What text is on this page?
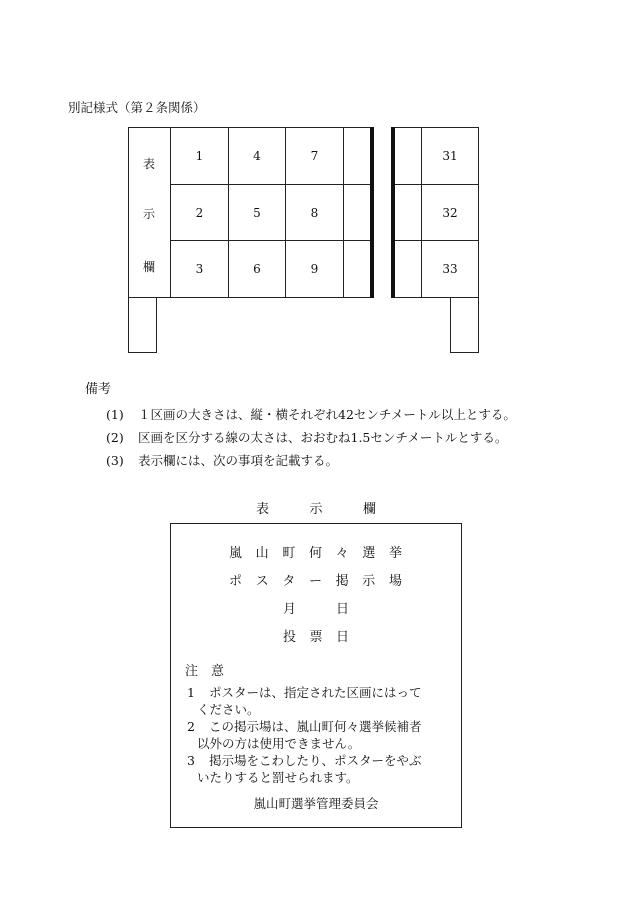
別記様式（第２条関係）
表
示
欄
1	4	7	31
2	5	8	32
3	6	9	33
備考
(1) １区画の大きさは、縦・横それぞれ42センチメートル以上とする。
(2) 区画を区分する線の太さは、おおむね1.5センチメートルとする。
(3) 表示欄には、次の事項を記載する。
表	示	欄
嵐 山 町 何 々 選 挙
ポ ス タ ー 掲 示 場
月	日
投 票 日
注 意
1 ポスターは、指定された区画にはって
ください。
2 この掲示場は、嵐山町何々選挙候補者
以外の方は使用できません。
3 掲示場をこわしたり、ポスターをやぶ
いたりすると罰せられます。
嵐山町選挙管理委員会
